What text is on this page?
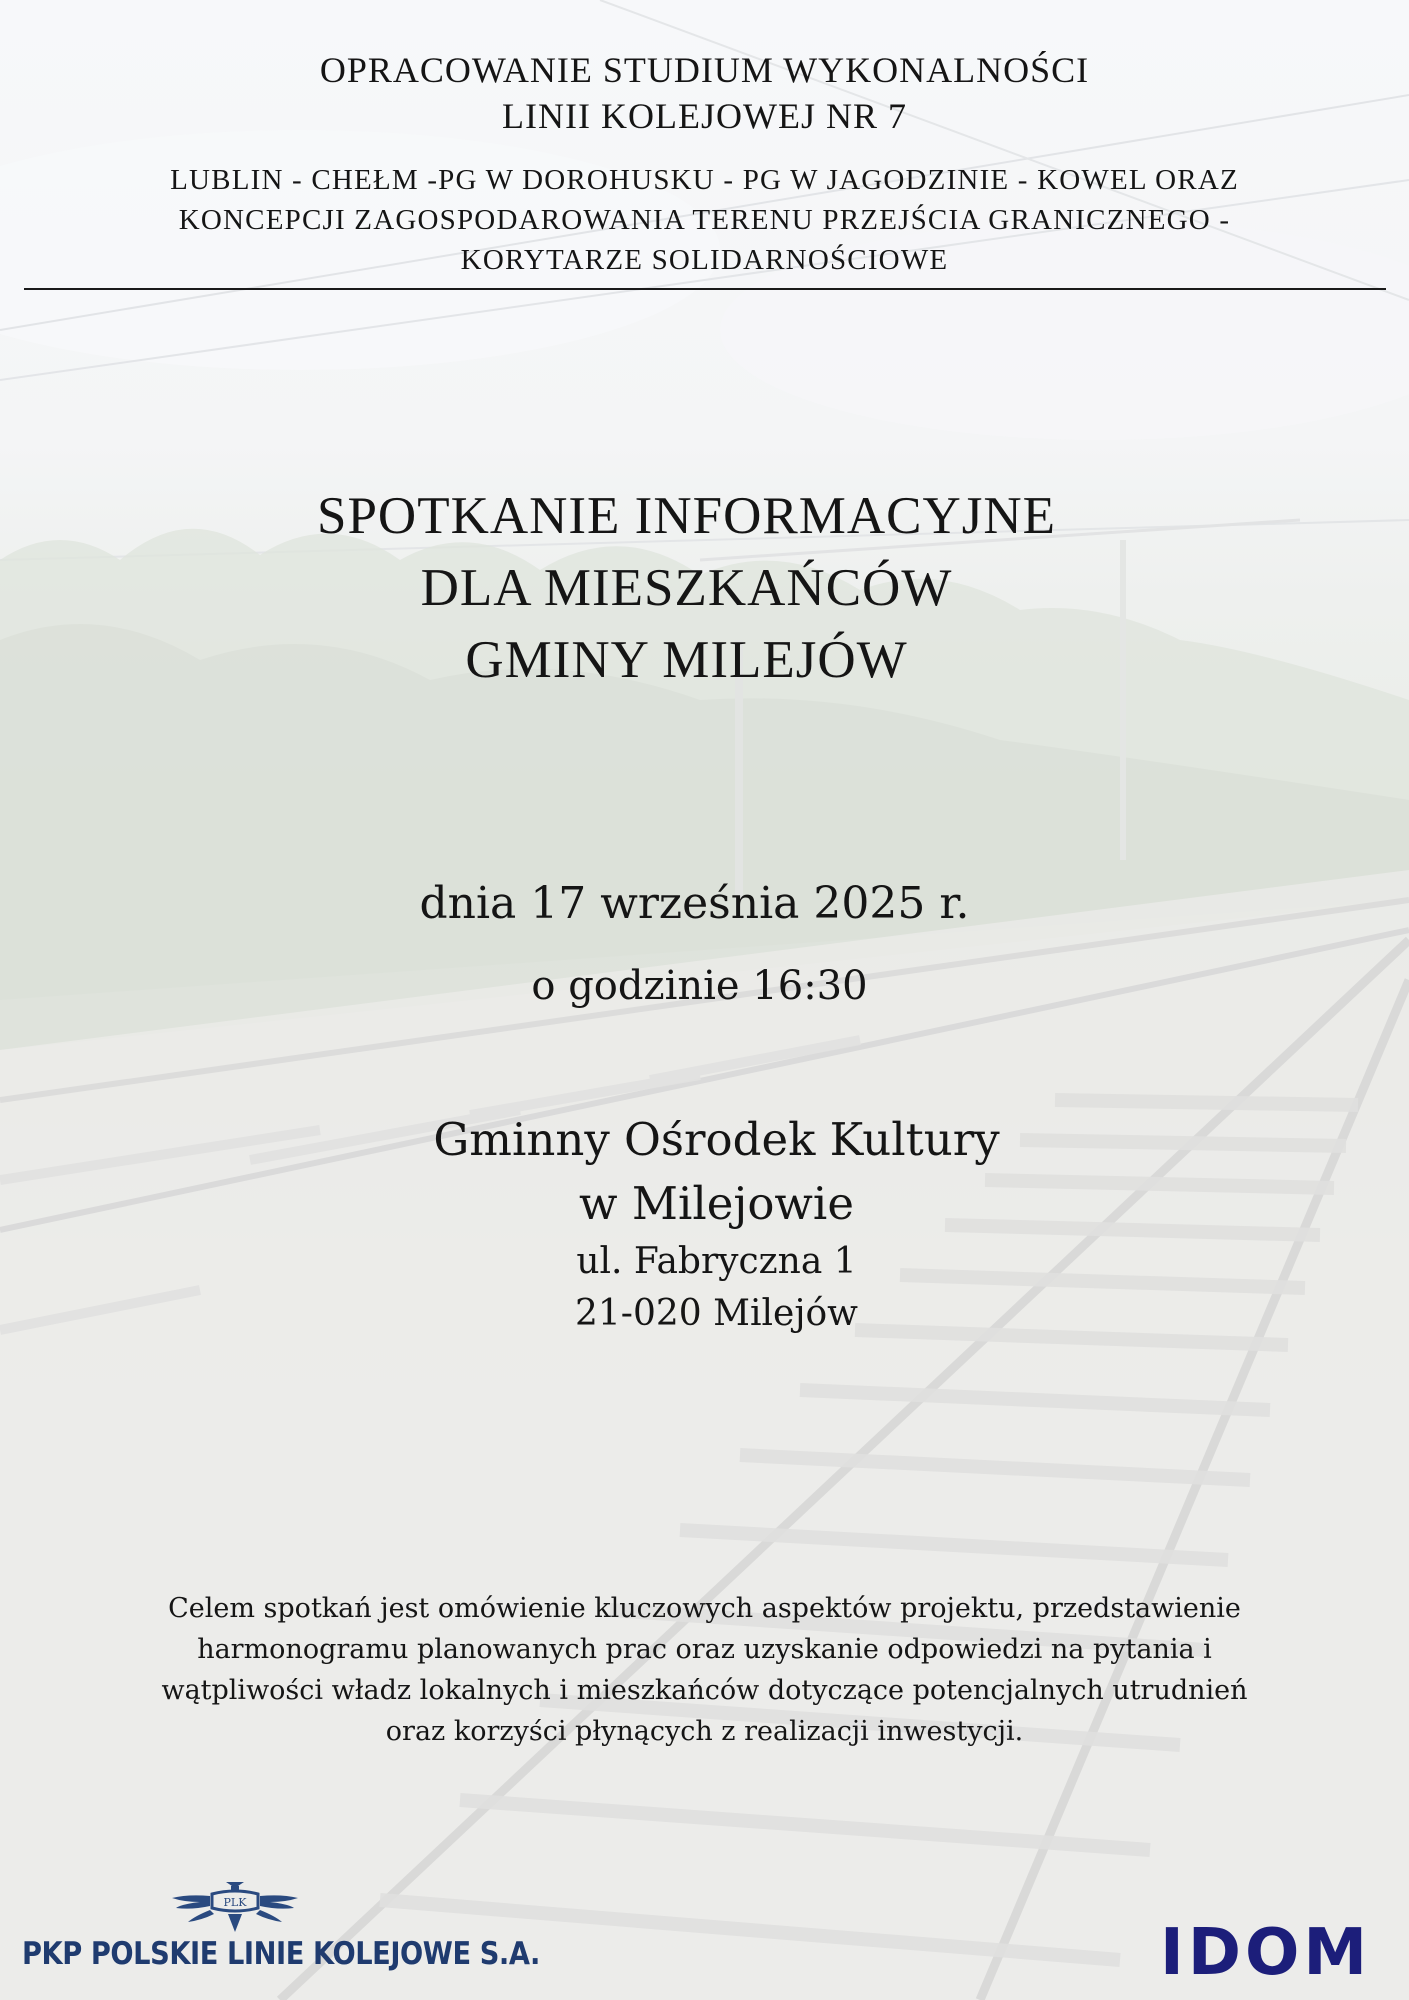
OPRACOWANIE STUDIUM WYKONALNOŚCI
LINII KOLEJOWEJ NR 7
LUBLIN - CHEŁM -PG W DOROHUSKU - PG W JAGODZINIE - KOWEL ORAZ
KONCEPCJI ZAGOSPODAROWANIA TERENU PRZEJŚCIA GRANICZNEGO -
KORYTARZE SOLIDARNOŚCIOWE
SPOTKANIE INFORMACYJNE
DLA MIESZKAŃCÓW
GMINY MILEJÓW
dnia 17 września 2025 r.
o godzinie 16:30
Gminny Ośrodek Kultury
w Milejowie
ul. Fabryczna 1
21-020 Milejów
Celem spotkań jest omówienie kluczowych aspektów projektu, przedstawienie
harmonogramu planowanych prac oraz uzyskanie odpowiedzi na pytania i
wątpliwości władz lokalnych i mieszkańców dotyczące potencjalnych utrudnień
oraz korzyści płynących z realizacji inwestycji.
PLK
PKP POLSKIE LINIE KOLEJOWE S.A.	IDOM
